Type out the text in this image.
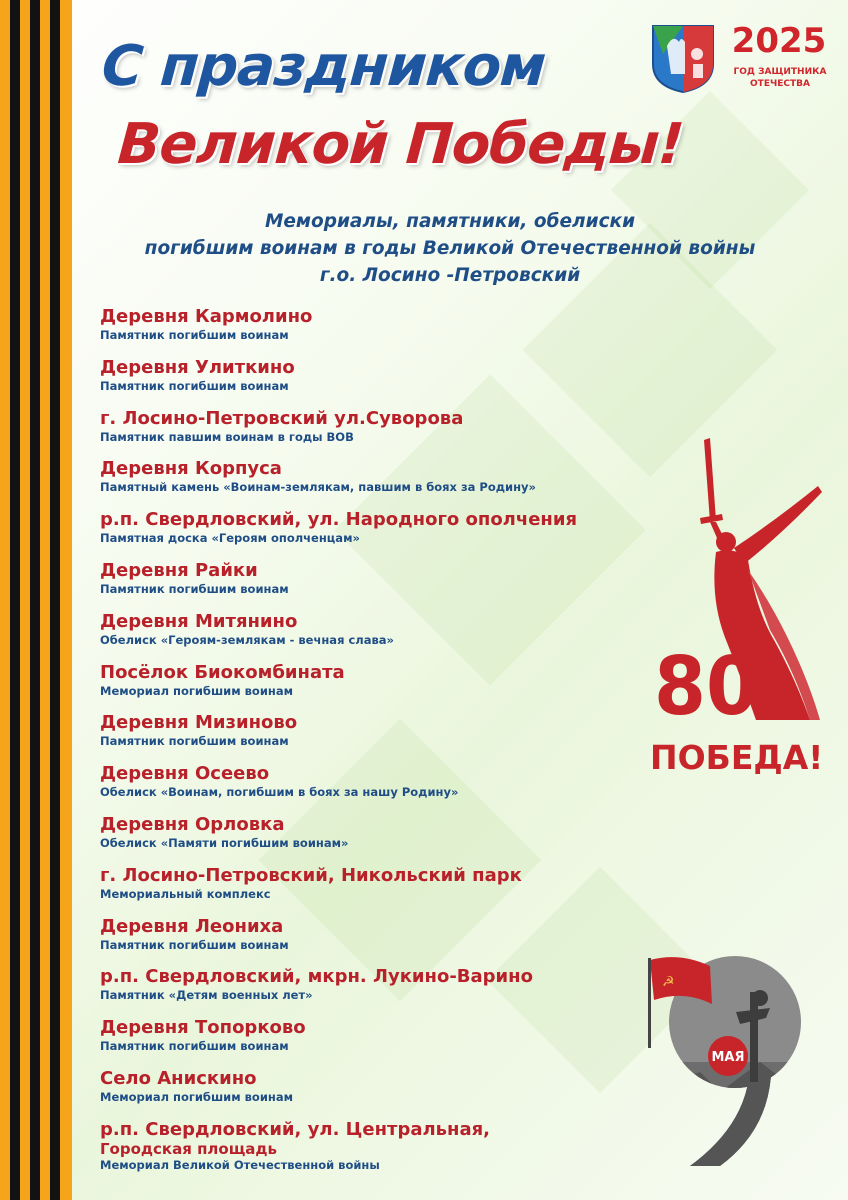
С праздником
Великой Победы!
Мемориалы, памятники, обелиски
погибшим воинам в годы Великой Отечественной войны
г.о. Лосино -Петровский
2025
ГОД ЗАЩИТНИКА
ОТЕЧЕСТВА
Деревня Кармолино
Памятник погибшим воинам
Деревня Улиткино
Памятник погибшим воинам
г. Лосино-Петровский ул.Суворова
Памятник павшим воинам в годы ВОВ
Деревня Корпуса
Памятный камень «Воинам-землякам, павшим в боях за Родину»
р.п. Свердловский, ул. Народного ополчения
Памятная доска «Героям ополченцам»
Деревня Райки
Памятник погибшим воинам
Деревня Митянино
Обелиск «Героям-землякам - вечная слава»
Посёлок Биокомбината
Мемориал погибшим воинам
Деревня Мизиново
Памятник погибшим воинам
Деревня Осеево
Обелиск «Воинам, погибшим в боях за нашу Родину»
Деревня Орловка
Обелиск «Памяти погибшим воинам»
г. Лосино-Петровский, Никольский парк
Мемориальный комплекс
Деревня Леониха
Памятник погибшим воинам
р.п. Свердловский, мкрн. Лукино-Варино
Памятник «Детям военных лет»
Деревня Топорково
Памятник погибшим воинам
Село Анискино
Мемориал погибшим воинам
р.п. Свердловский, ул. Центральная,
Городская площадь
Мемориал Великой Отечественной войны
80
ПОБЕДА!
☭
МАЯ
